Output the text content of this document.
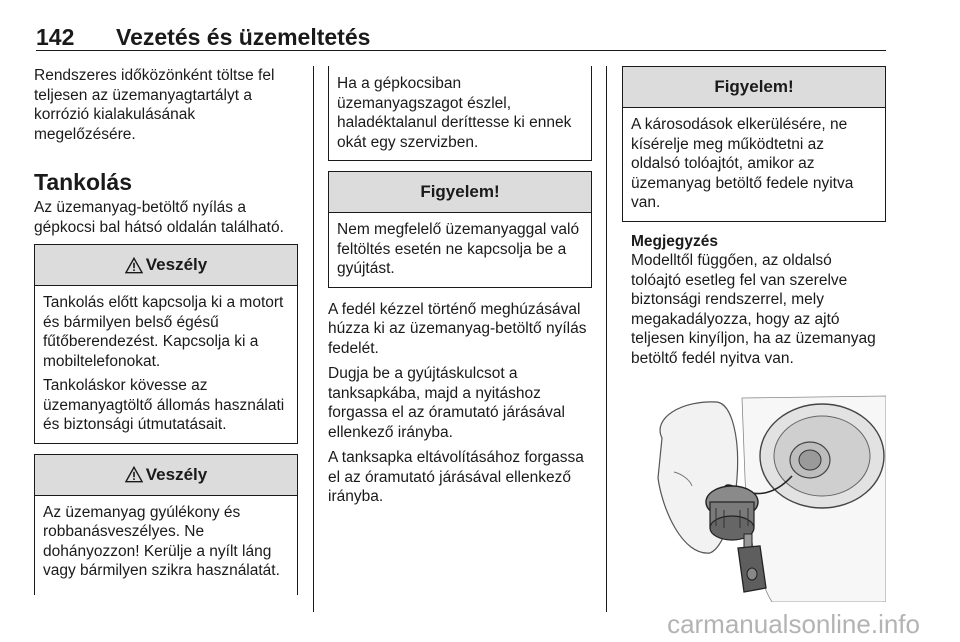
142 Vezetés és üzemeltetés

Rendszeres időközönként töltse fel teljesen az üzemanyagtartályt a korrózió kialakulásának megelőzésére.

Tankolás

Az üzemanyag-betöltő nyílás a gépkocsi bal hátsó oldalán található.

Veszély

Tankolás előtt kapcsolja ki a motort és bármilyen belső égésű fűtőberendezést. Kapcsolja ki a mobiltelefonokat.

Tankoláskor kövesse az üzemanyagtöltő állomás használati és biztonsági útmutatásait.

Veszély

Az üzemanyag gyúlékony és robbanásveszélyes. Ne dohányozzon! Kerülje a nyílt láng vagy bármilyen szikra használatát.

Ha a gépkocsiban üzemanyagszagot észlel, haladéktalanul deríttesse ki ennek okát egy szervizben.

Figyelem!

Nem megfelelő üzemanyaggal való feltöltés esetén ne kapcsolja be a gyújtást.

A fedél kézzel történő meghúzásával húzza ki az üzemanyag-betöltő nyílás fedelét.

Dugja be a gyújtáskulcsot a tanksapkába, majd a nyitáshoz forgassa el az óramutató járásával ellenkező irányba.

A tanksapka eltávolításához forgassa el az óramutató járásával ellenkező irányba.

Figyelem!

A károsodások elkerülésére, ne kísérelje meg működtetni az oldalsó tolóajtót, amikor az üzemanyag betöltő fedele nyitva van.

Megjegyzés

Modelltől függően, az oldalsó tolóajtó esetleg fel van szerelve biztonsági rendszerrel, mely megakadályozza, hogy az ajtó teljesen kinyíljon, ha az üzemanyag betöltő fedél nyitva van.

carmanualsonline.info
